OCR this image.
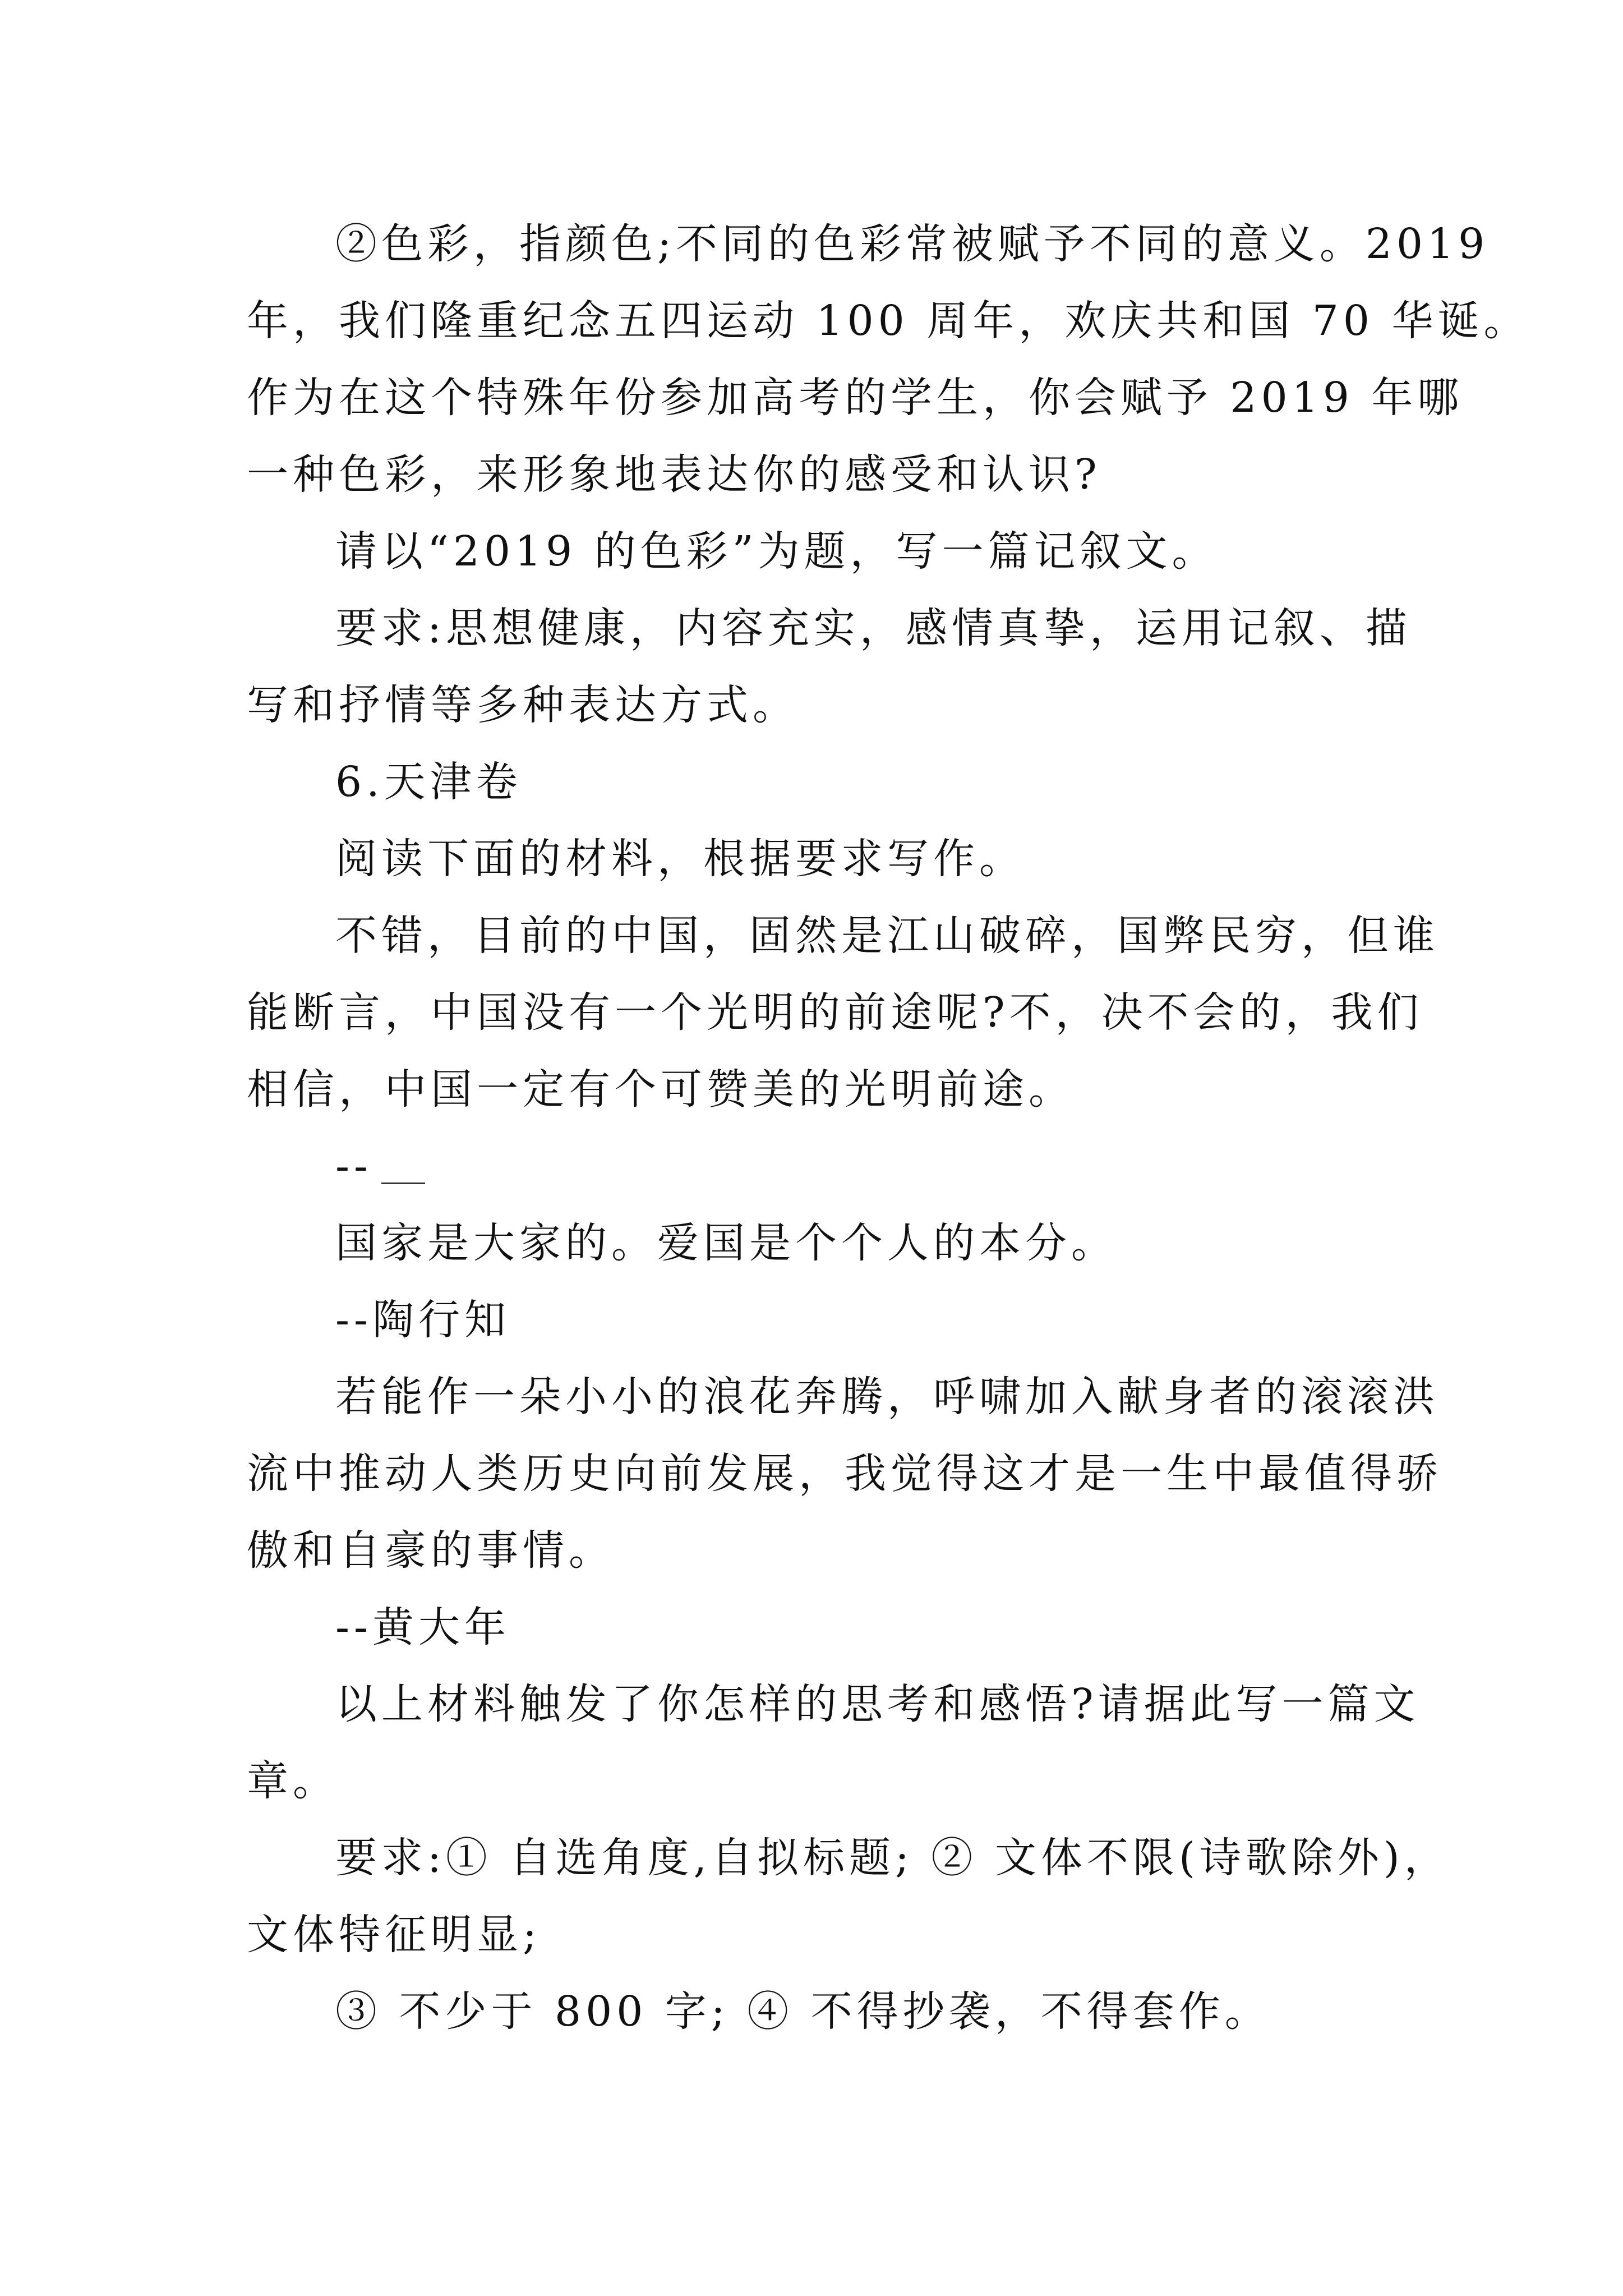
②色彩，指颜色;不同的色彩常被赋予不同的意义。2019
年，我们隆重纪念五四运动 100 周年，欢庆共和国 70 华诞。
作为在这个特殊年份参加高考的学生，你会赋予 2019 年哪
一种色彩，来形象地表达你的感受和认识?
请以“2019 的色彩”为题，写一篇记叙文。
要求:思想健康，内容充实，感情真挚，运用记叙、描
写和抒情等多种表达方式。
6.天津卷
阅读下面的材料，根据要求写作。
不错，目前的中国，固然是江山破碎，国弊民穷，但谁
能断言，中国没有一个光明的前途呢?不，决不会的，我们
相信，中国一定有个可赞美的光明前途。
--
国家是大家的。爱国是个个人的本分。
--陶行知
若能作一朵小小的浪花奔腾，呼啸加入献身者的滚滚洪
流中推动人类历史向前发展，我觉得这才是一生中最值得骄
傲和自豪的事情。
--黄大年
以上材料触发了你怎样的思考和感悟?请据此写一篇文
章。
要求:① 自选角度,自拟标题; ② 文体不限(诗歌除外)，
文体特征明显;
③ 不少于 800 字; ④ 不得抄袭，不得套作。
